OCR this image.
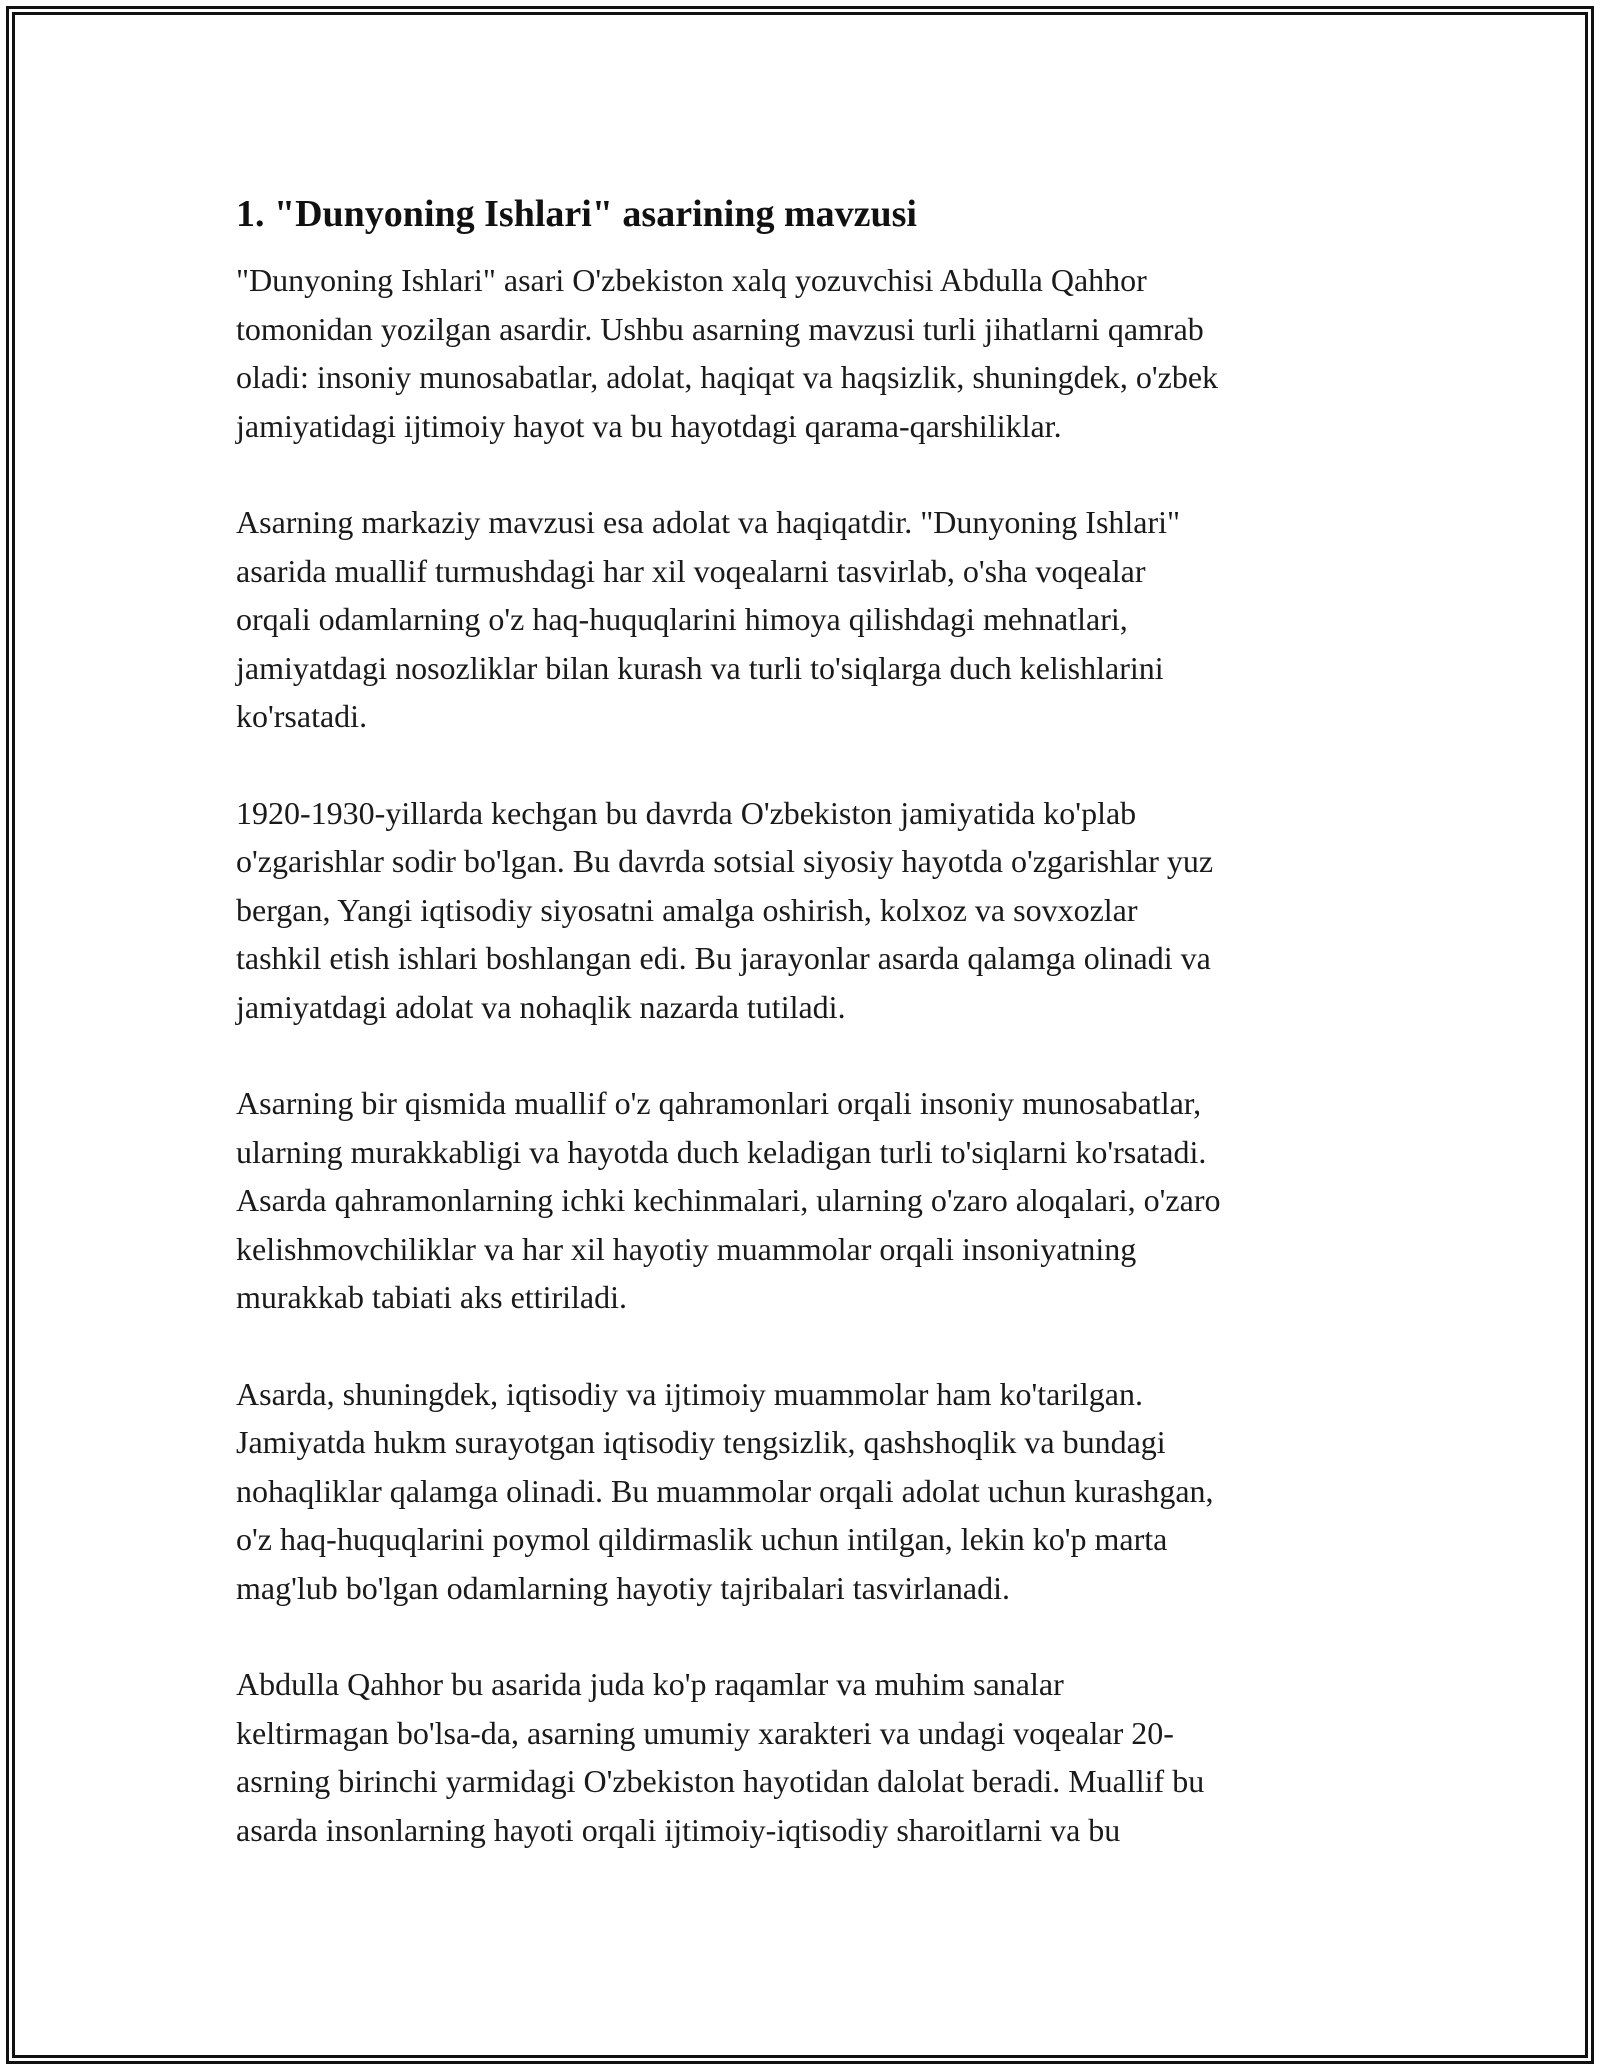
1. "Dunyoning Ishlari" asarining mavzusi

"Dunyoning Ishlari" asari O'zbekiston xalq yozuvchisi Abdulla Qahhor
tomonidan yozilgan asardir. Ushbu asarning mavzusi turli jihatlarni qamrab
oladi: insoniy munosabatlar, adolat, haqiqat va haqsizlik, shuningdek, o'zbek
jamiyatidagi ijtimoiy hayot va bu hayotdagi qarama-qarshiliklar.

Asarning markaziy mavzusi esa adolat va haqiqatdir. "Dunyoning Ishlari"
asarida muallif turmushdagi har xil voqealarni tasvirlab, o'sha voqealar
orqali odamlarning o'z haq-huquqlarini himoya qilishdagi mehnatlari,
jamiyatdagi nosozliklar bilan kurash va turli to'siqlarga duch kelishlarini
ko'rsatadi.

1920-1930-yillarda kechgan bu davrda O'zbekiston jamiyatida ko'plab
o'zgarishlar sodir bo'lgan. Bu davrda sotsial siyosiy hayotda o'zgarishlar yuz
bergan, Yangi iqtisodiy siyosatni amalga oshirish, kolxoz va sovxozlar
tashkil etish ishlari boshlangan edi. Bu jarayonlar asarda qalamga olinadi va
jamiyatdagi adolat va nohaqlik nazarda tutiladi.

Asarning bir qismida muallif o'z qahramonlari orqali insoniy munosabatlar,
ularning murakkabligi va hayotda duch keladigan turli to'siqlarni ko'rsatadi.
Asarda qahramonlarning ichki kechinmalari, ularning o'zaro aloqalari, o'zaro
kelishmovchiliklar va har xil hayotiy muammolar orqali insoniyatning
murakkab tabiati aks ettiriladi.

Asarda, shuningdek, iqtisodiy va ijtimoiy muammolar ham ko'tarilgan.
Jamiyatda hukm surayotgan iqtisodiy tengsizlik, qashshoqlik va bundagi
nohaqliklar qalamga olinadi. Bu muammolar orqali adolat uchun kurashgan,
o'z haq-huquqlarini poymol qildirmaslik uchun intilgan, lekin ko'p marta
mag'lub bo'lgan odamlarning hayotiy tajribalari tasvirlanadi.

Abdulla Qahhor bu asarida juda ko'p raqamlar va muhim sanalar
keltirmagan bo'lsa-da, asarning umumiy xarakteri va undagi voqealar 20-
asrning birinchi yarmidagi O'zbekiston hayotidan dalolat beradi. Muallif bu
asarda insonlarning hayoti orqali ijtimoiy-iqtisodiy sharoitlarni va bu
